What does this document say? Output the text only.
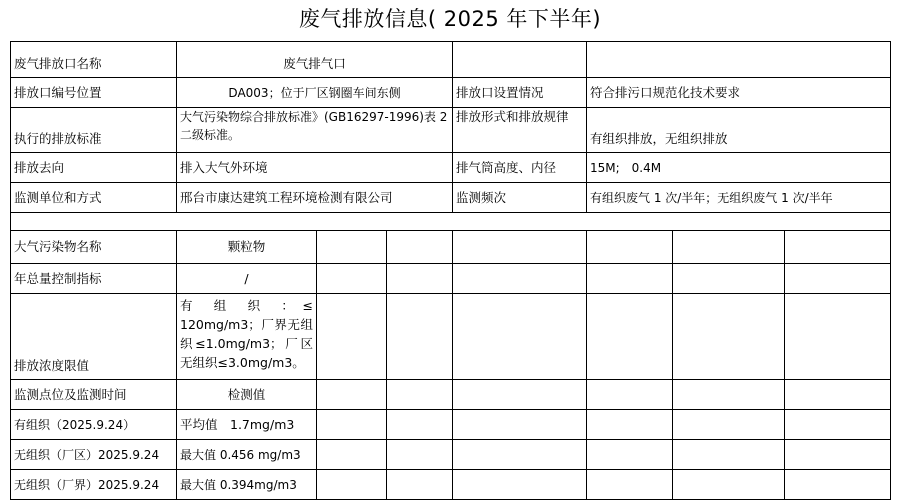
废气排放信息( 2025 年下半年)
废气排放口名称	废气排气口						
排放口编号位置	DA003；位于厂区钢圈车间东侧			排放口设置情况	符合排污口规范化技术要求		
执行的排放标准	大气污染物综合排放标准》(GB16297-1996)表 2 二级标准。			排放形式和排放规律	有组织排放，无组织排放		
排放去向	排入大气外环境			排气筒高度、内径	15M;　0.4M		
监测单位和方式	邢台市康达建筑工程环境检测有限公司			监测频次	有组织废气 1 次/半年；无组织废气 1 次/半年		

大气污染物名称	颗粒物						
年总量控制指标	/						
排放浓度限值	有 组 织 ：≤
120mg/m3；厂界无组
织≤1.0mg/m3；厂区
无组织≤3.0mg/m3。						

监测点位及监测时间	检测值						
有组织（2025.9.24）	平均值　1.7mg/m3						
无组织（厂区）2025.9.24	最大值 0.456 mg/m3						
无组织（厂界）2025.9.24	最大值 0.394mg/m3						
